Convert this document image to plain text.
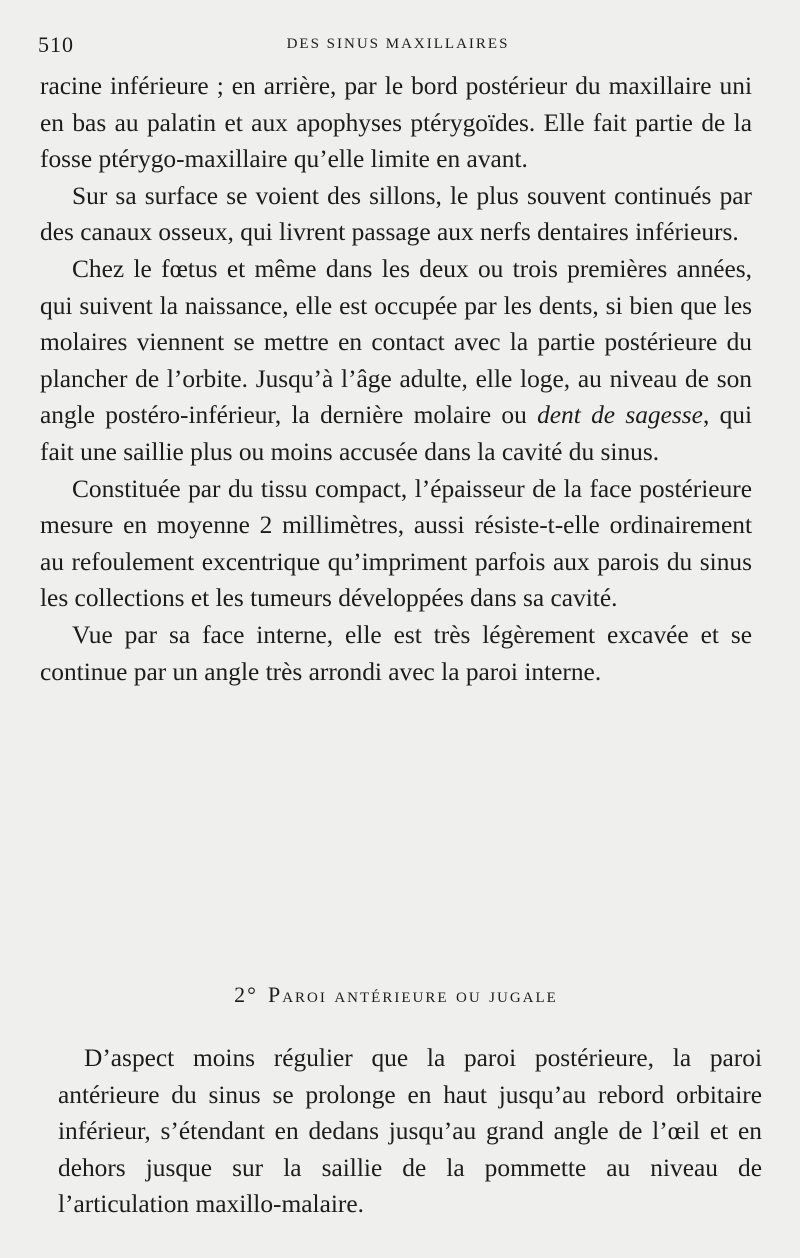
510	DES SINUS MAXILLAIRES

racine inférieure ; en arrière, par le bord postérieur du maxillaire uni en bas au palatin et aux apophyses ptérygoïdes. Elle fait partie de la fosse ptérygo-maxillaire qu’elle limite en avant.

Sur sa surface se voient des sillons, le plus souvent continués par des canaux osseux, qui livrent passage aux nerfs dentaires inférieurs.

Chez le fœtus et même dans les deux ou trois premières années, qui suivent la naissance, elle est occupée par les dents, si bien que les molaires viennent se mettre en contact avec la partie postérieure du plancher de l’orbite. Jusqu’à l’âge adulte, elle loge, au niveau de son angle postéro-inférieur, la dernière molaire ou dent de sagesse, qui fait une saillie plus ou moins accusée dans la cavité du sinus.

Constituée par du tissu compact, l’épaisseur de la face postérieure mesure en moyenne 2 millimètres, aussi résiste-t-elle ordinairement au refoulement excentrique qu’impriment parfois aux parois du sinus les collections et les tumeurs développées dans sa cavité.

Vue par sa face interne, elle est très légèrement excavée et se continue par un angle très arrondi avec la paroi interne.

2° Paroi antérieure ou jugale

D’aspect moins régulier que la paroi postérieure, la paroi antérieure du sinus se prolonge en haut jusqu’au rebord orbitaire inférieur, s’étendant en dedans jusqu’au grand angle de l’œil et en dehors jusque sur la saillie de la pommette au niveau de l’articulation maxillo-malaire.
